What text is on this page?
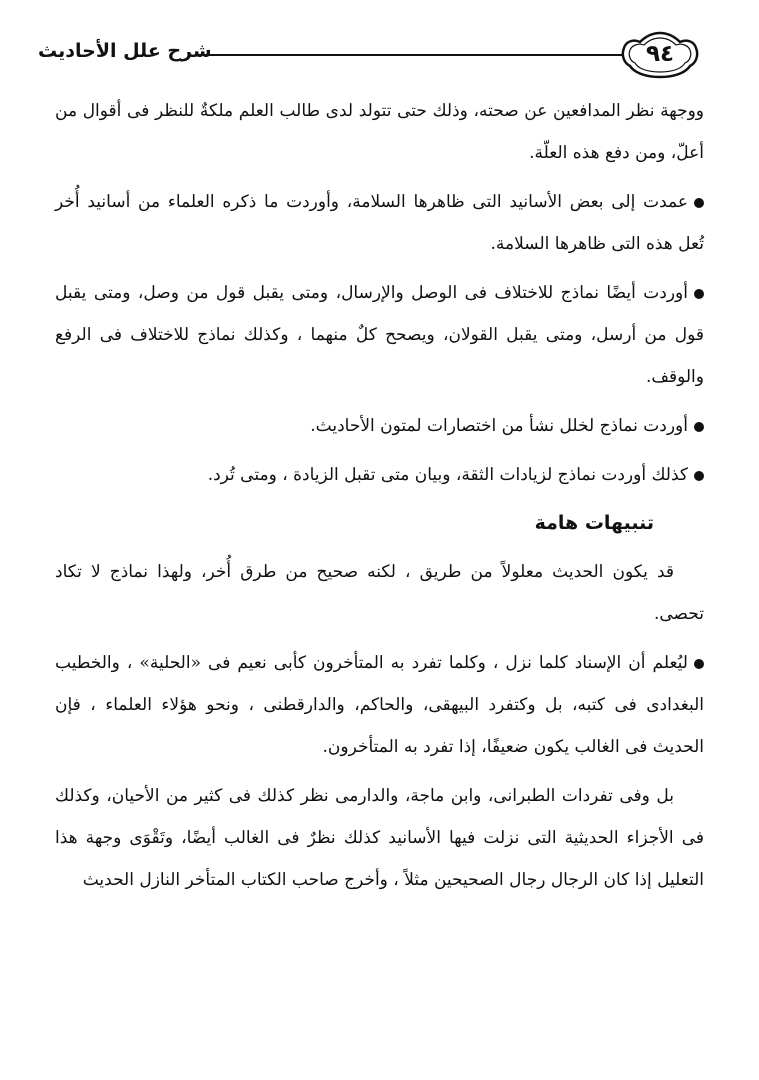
شرح علل الأحاديث	٩٤

ووجهة نظر المدافعين عن صحته، وذلك حتى تتولد لدى طالب العلم ملكةٌ للنظر فى أقوال من أعلّ، ومن دفع هذه العلّة.

عمدت إلى بعض الأسانيد التى ظاهرها السلامة، وأوردت ما ذكره العلماء من أسانيد أُخر تُعل هذه التى ظاهرها السلامة.

أوردت أيضًا نماذج للاختلاف فى الوصل والإرسال، ومتى يقبل قول من وصل، ومتى يقبل قول من أرسل، ومتى يقبل القولان، ويصحح كلٌ منهما ، وكذلك نماذج للاختلاف فى الرفع والوقف.

أوردت نماذج لخلل نشأ من اختصارات لمتون الأحاديث.

كذلك أوردت نماذج لزيادات الثقة، وبيان متى تقبل الزيادة ، ومتى تُرد.

تنبيهات هامة

قد يكون الحديث معلولاً من طريق ، لكنه صحيح من طرق أُخر، ولهذا نماذج لا تكاد تحصى.

ليُعلم أن الإسناد كلما نزل ، وكلما تفرد به المتأخرون كأبى نعيم فى «الحلية» ، والخطيب البغدادى فى كتبه، بل وكتفرد البيهقى، والحاكم، والدارقطنى ، ونحو هؤلاء العلماء ، فإن الحديث فى الغالب يكون ضعيفًا، إذا تفرد به المتأخرون.

بل وفى تفردات الطبرانى، وابن ماجة، والدارمى نظر كذلك فى كثير من الأحيان، وكذلك فى الأجزاء الحديثية التى نزلت فيها الأسانيد كذلك نظرٌ فى الغالب أيضًا، وتَقْوَى وجهة هذا التعليل إذا كان الرجال رجال الصحيحين مثلاً ، وأخرج صاحب الكتاب المتأخر النازل الحديث
